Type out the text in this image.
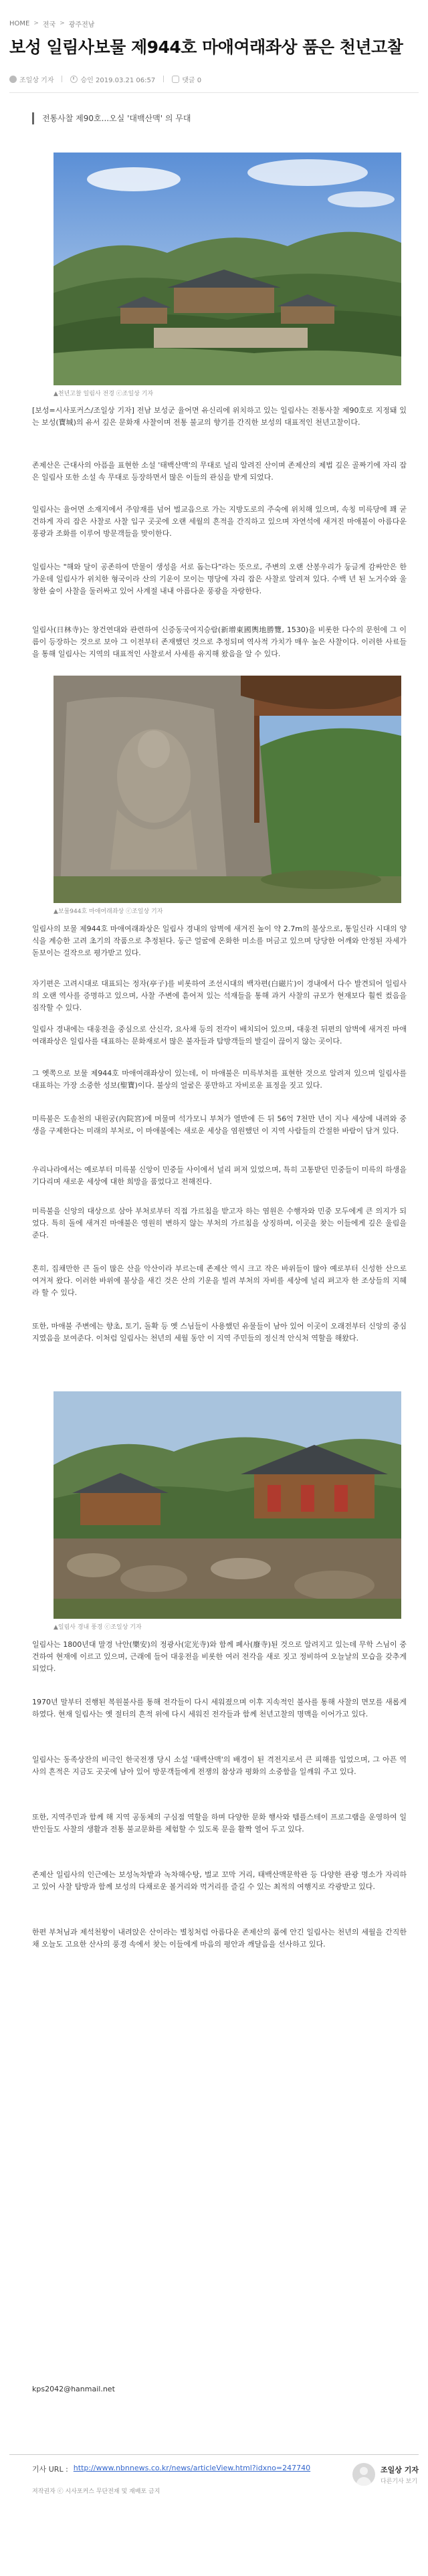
HOME > 전국 > 광주전남
보성 일림사보물 제944호 마애여래좌상 품은 천년고찰
조일상 기자	승인 2019.03.21 06:57	댓글 0
전통사찰 제90호...오실 '대백산맥' 의 무대
▲천년고찰 일림사 전경 ⓒ조일상 기자
[보성=시사포커스/조일상 기자] 전남 보성군 율어면 유신리에 위치하고 있는 일림사는 전통사찰 제90호로 지정돼 있는 보성(寶城)의 유서 깊은 문화재 사찰이며 전통 불교의 향기를 간직한 보성의 대표적인 천년고찰이다.
존제산은 근대사의 아픔을 표현한 소설 '태백산맥'의 무대로 널리 알려진 산이며 존제산의 제법 깊은 골짜기에 자리 잡은 일림사 또한 소설 속 무대로 등장하면서 많은 이들의 관심을 받게 되었다.
일림사는 율어면 소재지에서 주암재를 넘어 벌교읍으로 가는 지방도로의 주숙에 위치해 있으며, 속칭 미륵당에 꽤 굳건하게 자리 잡은 사찰로 사찰 입구 곳곳에 오랜 세월의 흔적을 간직하고 있으며 자연석에 새겨진 마애불이 아름다운 풍광과 조화를 이루어 방문객들을 맞이한다.
일림사는 "해와 달이 공존하여 만물이 생성을 서로 돕는다"라는 뜻으로, 주변의 오랜 산봉우리가 둥글게 감싸안은 한 가운데 일림사가 위치한 형국이라 산의 기운이 모이는 명당에 자리 잡은 사찰로 알려져 있다. 수백 년 된 노거수와 울창한 숲이 사찰을 둘러싸고 있어 사계절 내내 아름다운 풍광을 자랑한다.
일림사(日林寺)는 창건연대와 관련하여 신증동국여지승람(新增東國輿地勝覽, 1530)을 비롯한 다수의 문헌에 그 이름이 등장하는 것으로 보아 그 이전부터 존재했던 것으로 추정되며 역사적 가치가 매우 높은 사찰이다. 이러한 사료들을 통해 일림사는 지역의 대표적인 사찰로서 사세를 유지해 왔음을 알 수 있다.
▲보물944호 마애여래좌상 ⓒ조일상 기자
일림사의 보물 제944호 마애여래좌상은 일림사 경내의 암벽에 새겨진 높이 약 2.7m의 불상으로, 통일신라 시대의 양식을 계승한 고려 초기의 작품으로 추정된다. 둥근 얼굴에 온화한 미소를 머금고 있으며 당당한 어깨와 안정된 자세가 돋보이는 걸작으로 평가받고 있다.
자기편은 고려시대로 대표되는 정자(亭子)를 비롯하여 조선시대의 백자편(白磁片)이 경내에서 다수 발견되어 일림사의 오랜 역사를 증명하고 있으며, 사찰 주변에 흩어져 있는 석재들을 통해 과거 사찰의 규모가 현재보다 훨씬 컸음을 짐작할 수 있다.
일림사 경내에는 대웅전을 중심으로 산신각, 요사채 등의 전각이 배치되어 있으며, 대웅전 뒤편의 암벽에 새겨진 마애여래좌상은 일림사를 대표하는 문화재로서 많은 불자들과 탐방객들의 발길이 끊이지 않는 곳이다.
그 옛쪽으로 보물 제944호 마애여래좌상이 있는데, 이 마애불은 미륵부처를 표현한 것으로 알려져 있으며 일림사를 대표하는 가장 소중한 성보(聖寶)이다. 불상의 얼굴은 풍만하고 자비로운 표정을 짓고 있다.
미륵불은 도솔천의 내원궁(內院宮)에 머물며 석가모니 부처가 열반에 든 뒤 56억 7천만 년이 지나 세상에 내려와 중생을 구제한다는 미래의 부처로, 이 마애불에는 새로운 세상을 염원했던 이 지역 사람들의 간절한 바람이 담겨 있다.
우리나라에서는 예로부터 미륵불 신앙이 민중들 사이에서 널리 퍼져 있었으며, 특히 고통받던 민중들이 미륵의 하생을 기다리며 새로운 세상에 대한 희망을 품었다고 전해진다.
미륵불을 신앙의 대상으로 삼아 부처로부터 직접 가르침을 받고자 하는 염원은 수행자와 민중 모두에게 큰 의지가 되었다. 특히 돌에 새겨진 마애불은 영원히 변하지 않는 부처의 가르침을 상징하며, 이곳을 찾는 이들에게 깊은 울림을 준다.
혼히, 집채만한 큰 돌이 많은 산을 악산이라 부르는데 존제산 역시 크고 작은 바위들이 많아 예로부터 신성한 산으로 여겨져 왔다. 이러한 바위에 불상을 새긴 것은 산의 기운을 빌려 부처의 자비를 세상에 널리 펴고자 한 조상들의 지혜라 할 수 있다.
또한, 마애불 주변에는 향초, 토기, 돌확 등 옛 스님들이 사용했던 유물들이 남아 있어 이곳이 오래전부터 신앙의 중심지였음을 보여준다. 이처럼 일림사는 천년의 세월 동안 이 지역 주민들의 정신적 안식처 역할을 해왔다.
▲일림사 경내 풍경 ⓒ조일상 기자
일림사는 1800년대 말경 낙안(樂安)의 정광사(定光寺)와 함께 폐사(廢寺)된 것으로 알려지고 있는데 무학 스님이 중건하여 현재에 이르고 있으며, 근래에 들어 대웅전을 비롯한 여러 전각을 새로 짓고 정비하여 오늘날의 모습을 갖추게 되었다.
1970년 말부터 진행된 복원불사를 통해 전각들이 다시 세워졌으며 이후 지속적인 불사를 통해 사찰의 면모를 새롭게 하였다. 현재 일림사는 옛 절터의 흔적 위에 다시 세워진 전각들과 함께 천년고찰의 명맥을 이어가고 있다.
일림사는 동족상잔의 비극인 한국전쟁 당시 소설 '태백산맥'의 배경이 된 격전지로서 큰 피해를 입었으며, 그 아픈 역사의 흔적은 지금도 곳곳에 남아 있어 방문객들에게 전쟁의 참상과 평화의 소중함을 일깨워 주고 있다.
또한, 지역주민과 함께 해 지역 공동체의 구심점 역할을 하며 다양한 문화 행사와 템플스테이 프로그램을 운영하여 일반인들도 사찰의 생활과 전통 불교문화를 체험할 수 있도록 문을 활짝 열어 두고 있다.
존제산 일림사의 인근에는 보성녹차밭과 녹차해수탕, 벌교 꼬막 거리, 태백산맥문학관 등 다양한 관광 명소가 자리하고 있어 사찰 탐방과 함께 보성의 다채로운 볼거리와 먹거리를 즐길 수 있는 최적의 여행지로 각광받고 있다.
한편 부처님과 제석천왕이 내려앉은 산이라는 별칭처럼 아름다운 존제산의 품에 안긴 일림사는 천년의 세월을 간직한 채 오늘도 고요한 산사의 풍경 속에서 찾는 이들에게 마음의 평안과 깨달음을 선사하고 있다.
kps2042@hanmail.net
기사 URL : http://www.nbnnews.co.kr/news/articleView.html?idxno=247740
저작권자 ⓒ 시사포커스 무단전재 및 재배포 금지
조일상 기자
다른기사 보기
